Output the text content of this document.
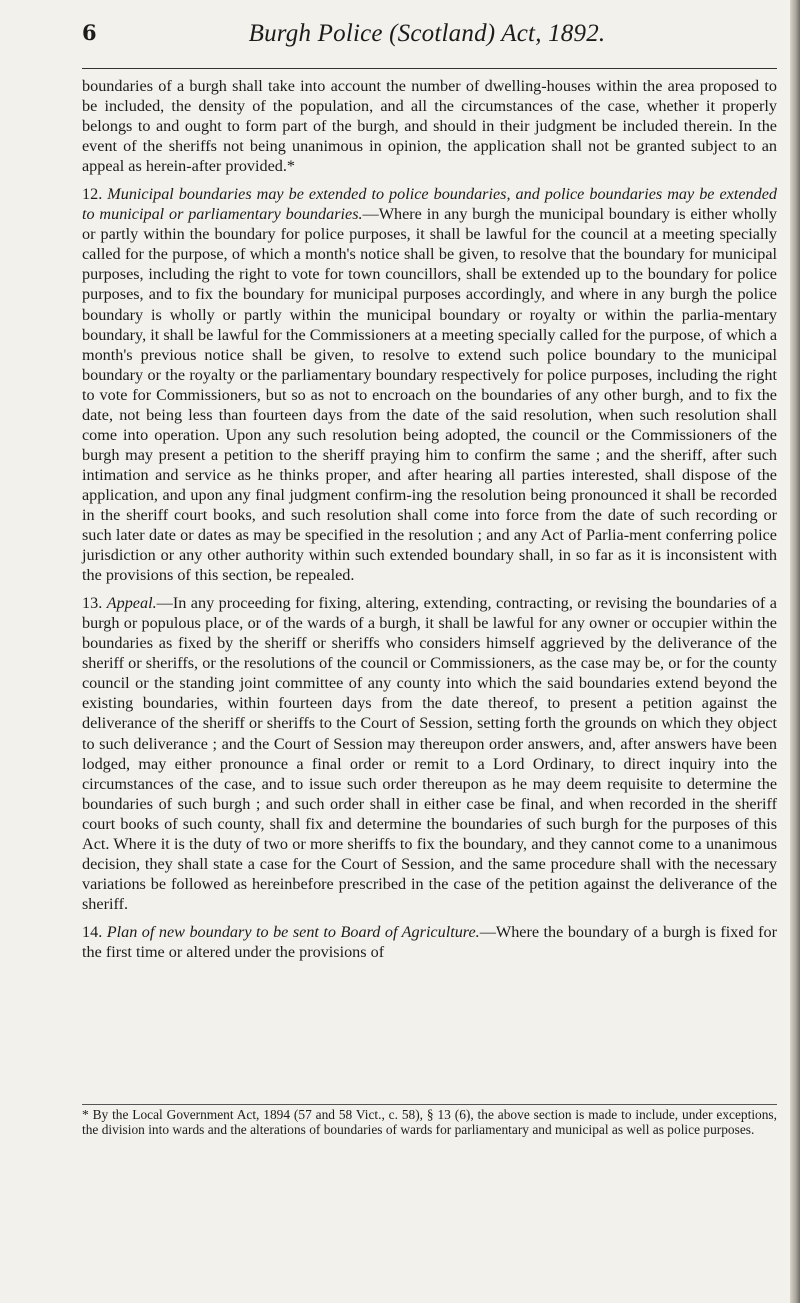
6	Burgh Police (Scotland) Act, 1892.

boundaries of a burgh shall take into account the number of dwelling-houses within the area proposed to be included, the density of the population, and all the circumstances of the case, whether it properly belongs to and ought to form part of the burgh, and should in their judgment be included therein. In the event of the sheriffs not being unanimous in opinion, the application shall not be granted subject to an appeal as herein-after provided.*

12. Municipal boundaries may be extended to police boundaries, and police boundaries may be extended to municipal or parliamentary boundaries.—Where in any burgh the municipal boundary is either wholly or partly within the boundary for police purposes, it shall be lawful for the council at a meeting specially called for the purpose, of which a month's notice shall be given, to resolve that the boundary for municipal purposes, including the right to vote for town councillors, shall be extended up to the boundary for police purposes, and to fix the boundary for municipal purposes accordingly, and where in any burgh the police boundary is wholly or partly within the municipal boundary or royalty or within the parlia-mentary boundary, it shall be lawful for the Commissioners at a meeting specially called for the purpose, of which a month's previous notice shall be given, to resolve to extend such police boundary to the municipal boundary or the royalty or the parliamentary boundary respectively for police purposes, including the right to vote for Commissioners, but so as not to encroach on the boundaries of any other burgh, and to fix the date, not being less than fourteen days from the date of the said resolution, when such resolution shall come into operation. Upon any such resolution being adopted, the council or the Commissioners of the burgh may present a petition to the sheriff praying him to confirm the same ; and the sheriff, after such intimation and service as he thinks proper, and after hearing all parties interested, shall dispose of the application, and upon any final judgment confirm-ing the resolution being pronounced it shall be recorded in the sheriff court books, and such resolution shall come into force from the date of such recording or such later date or dates as may be specified in the resolution ; and any Act of Parlia-ment conferring police jurisdiction or any other authority within such extended boundary shall, in so far as it is inconsistent with the provisions of this section, be repealed.

13. Appeal.—In any proceeding for fixing, altering, extending, contracting, or revising the boundaries of a burgh or populous place, or of the wards of a burgh, it shall be lawful for any owner or occupier within the boundaries as fixed by the sheriff or sheriffs who considers himself aggrieved by the deliverance of the sheriff or sheriffs, or the resolutions of the council or Commissioners, as the case may be, or for the county council or the standing joint committee of any county into which the said boundaries extend beyond the existing boundaries, within fourteen days from the date thereof, to present a petition against the deliverance of the sheriff or sheriffs to the Court of Session, setting forth the grounds on which they object to such deliverance ; and the Court of Session may thereupon order answers, and, after answers have been lodged, may either pronounce a final order or remit to a Lord Ordinary, to direct inquiry into the circumstances of the case, and to issue such order thereupon as he may deem requisite to determine the boundaries of such burgh ; and such order shall in either case be final, and when recorded in the sheriff court books of such county, shall fix and determine the boundaries of such burgh for the purposes of this Act. Where it is the duty of two or more sheriffs to fix the boundary, and they cannot come to a unanimous decision, they shall state a case for the Court of Session, and the same procedure shall with the necessary variations be followed as hereinbefore prescribed in the case of the petition against the deliverance of the sheriff.

14. Plan of new boundary to be sent to Board of Agriculture.—Where the boundary of a burgh is fixed for the first time or altered under the provisions of

* By the Local Government Act, 1894 (57 and 58 Vict., c. 58), § 13 (6), the above section is made to include, under exceptions, the division into wards and the alterations of boundaries of wards for parliamentary and municipal as well as police purposes.
